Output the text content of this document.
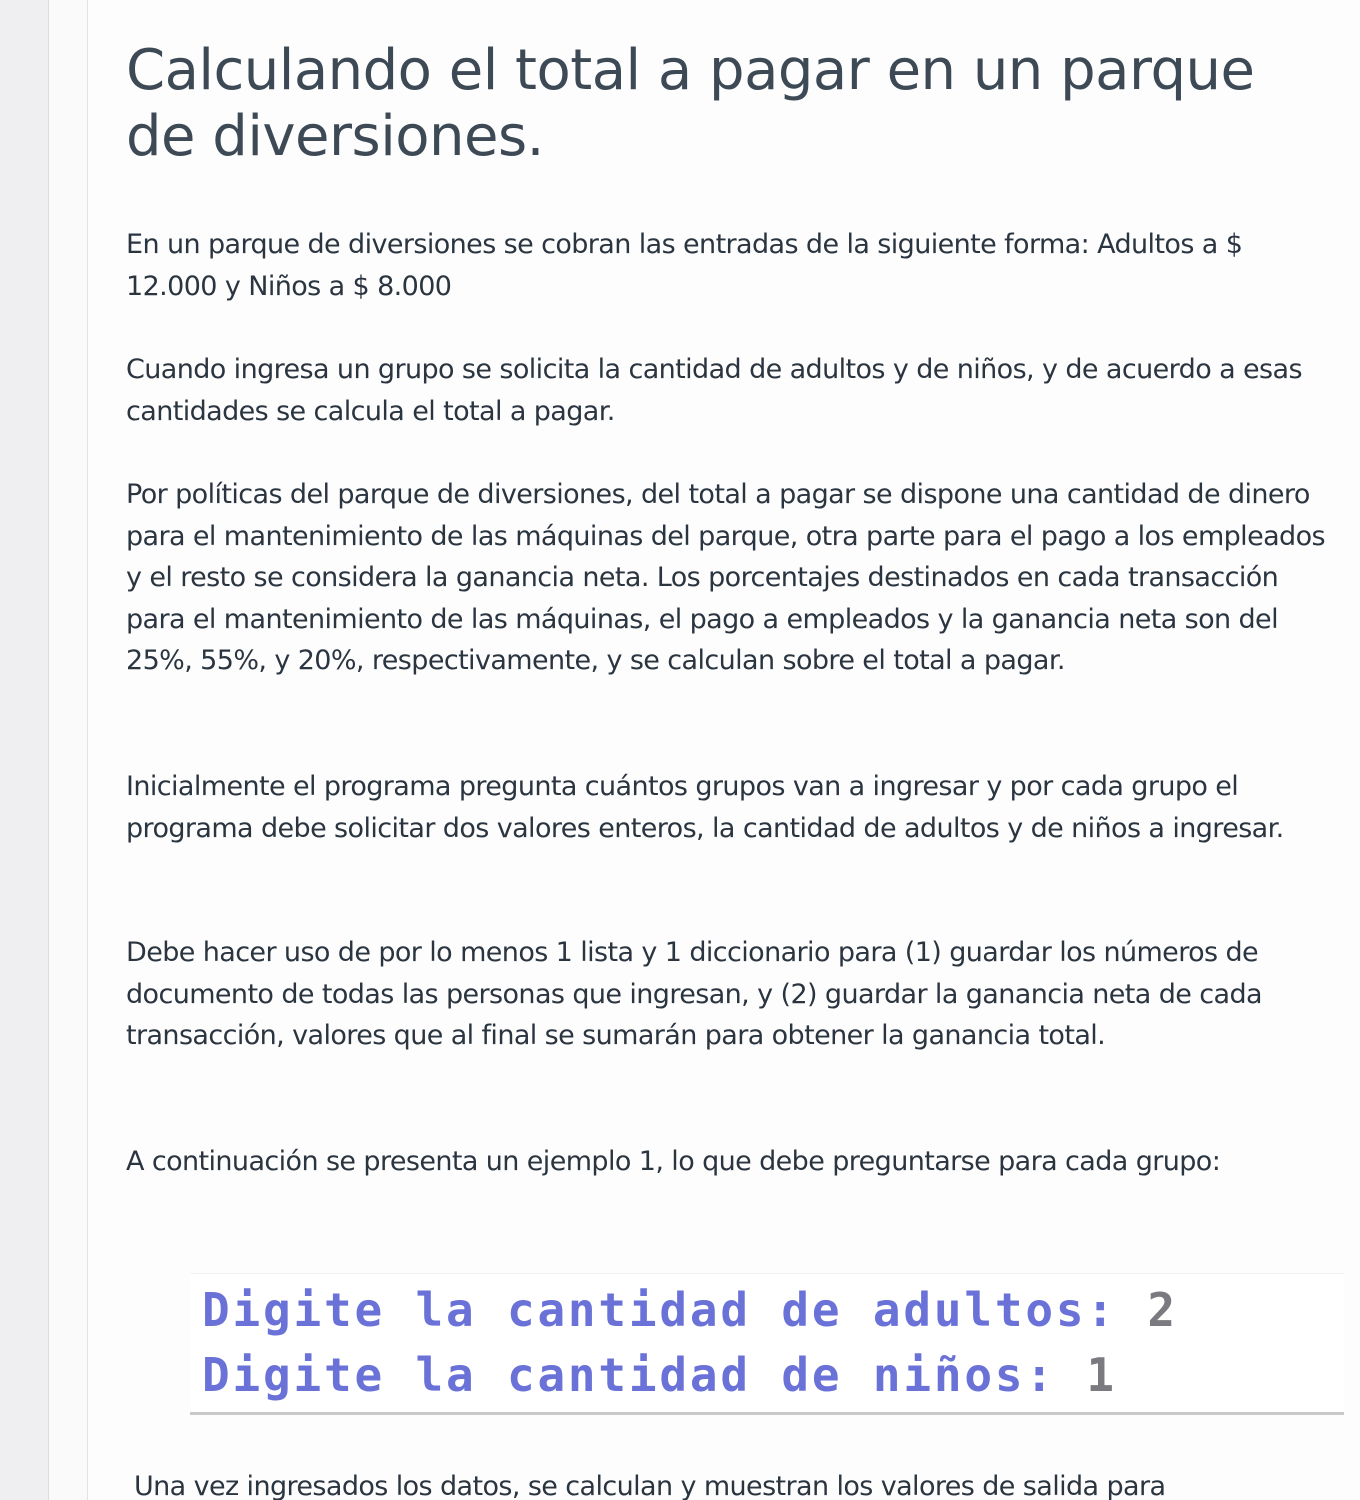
Calculando el total a pagar en un parque de diversiones.

En un parque de diversiones se cobran las entradas de la siguiente forma: Adultos a $ 12.000 y Niños a $ 8.000

Cuando ingresa un grupo se solicita la cantidad de adultos y de niños, y de acuerdo a esas cantidades se calcula el total a pagar.

Por políticas del parque de diversiones, del total a pagar se dispone una cantidad de dinero para el mantenimiento de las máquinas del parque, otra parte para el pago a los empleados y el resto se considera la ganancia neta. Los porcentajes destinados en cada transacción para el mantenimiento de las máquinas, el pago a empleados y la ganancia neta son del 25%, 55%, y 20%, respectivamente, y se calculan sobre el total a pagar.

Inicialmente el programa pregunta cuántos grupos van a ingresar y por cada grupo el programa debe solicitar dos valores enteros, la cantidad de adultos y de niños a ingresar.

Debe hacer uso de por lo menos 1 lista y 1 diccionario para (1) guardar los números de documento de todas las personas que ingresan, y (2) guardar la ganancia neta de cada transacción, valores que al final se sumarán para obtener la ganancia total.

A continuación se presenta un ejemplo 1, lo que debe preguntarse para cada grupo:

Digite la cantidad de adultos: 2
Digite la cantidad de niños: 1

Una vez ingresados los datos, se calculan y muestran los valores de salida para
